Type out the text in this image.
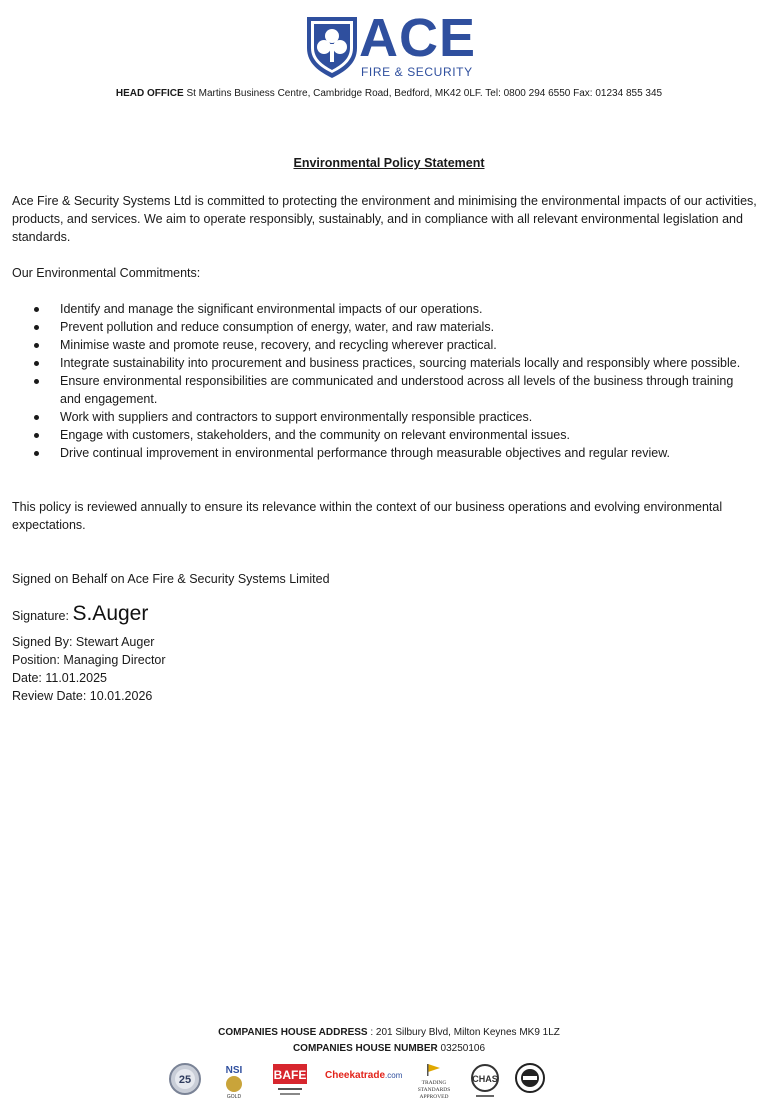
ACE
FIRE & SECURITY
HEAD OFFICE St Martins Business Centre, Cambridge Road, Bedford, MK42 0LF. Tel: 0800 294 6550 Fax: 01234 855 345
Environmental Policy Statement
Ace Fire & Security Systems Ltd is committed to protecting the environment and minimising the environmental impacts of our activities, products, and services. We aim to operate responsibly, sustainably, and in compliance with all relevant environmental legislation and standards.
Our Environmental Commitments:
Identify and manage the significant environmental impacts of our operations.
Prevent pollution and reduce consumption of energy, water, and raw materials.
Minimise waste and promote reuse, recovery, and recycling wherever practical.
Integrate sustainability into procurement and business practices, sourcing materials locally and responsibly where possible.
Ensure environmental responsibilities are communicated and understood across all levels of the business through training and engagement.
Work with suppliers and contractors to support environmentally responsible practices.
Engage with customers, stakeholders, and the community on relevant environmental issues.
Drive continual improvement in environmental performance through measurable objectives and regular review.
This policy is reviewed annually to ensure its relevance within the context of our business operations and evolving environmental expectations.
Signed on Behalf on Ace Fire & Security Systems Limited
Signature: S.Auger
Signed By: Stewart Auger
Position: Managing Director
Date: 11.01.2025
Review Date: 10.01.2026
COMPANIES HOUSE ADDRESS : 201 Silbury Blvd, Milton Keynes MK9 1LZ
COMPANIES HOUSE NUMBER 03250106
25
NSI
GOLD
BAFE Cheekatrade.com
TRADING
STANDARDS
APPROVED
CHAS
